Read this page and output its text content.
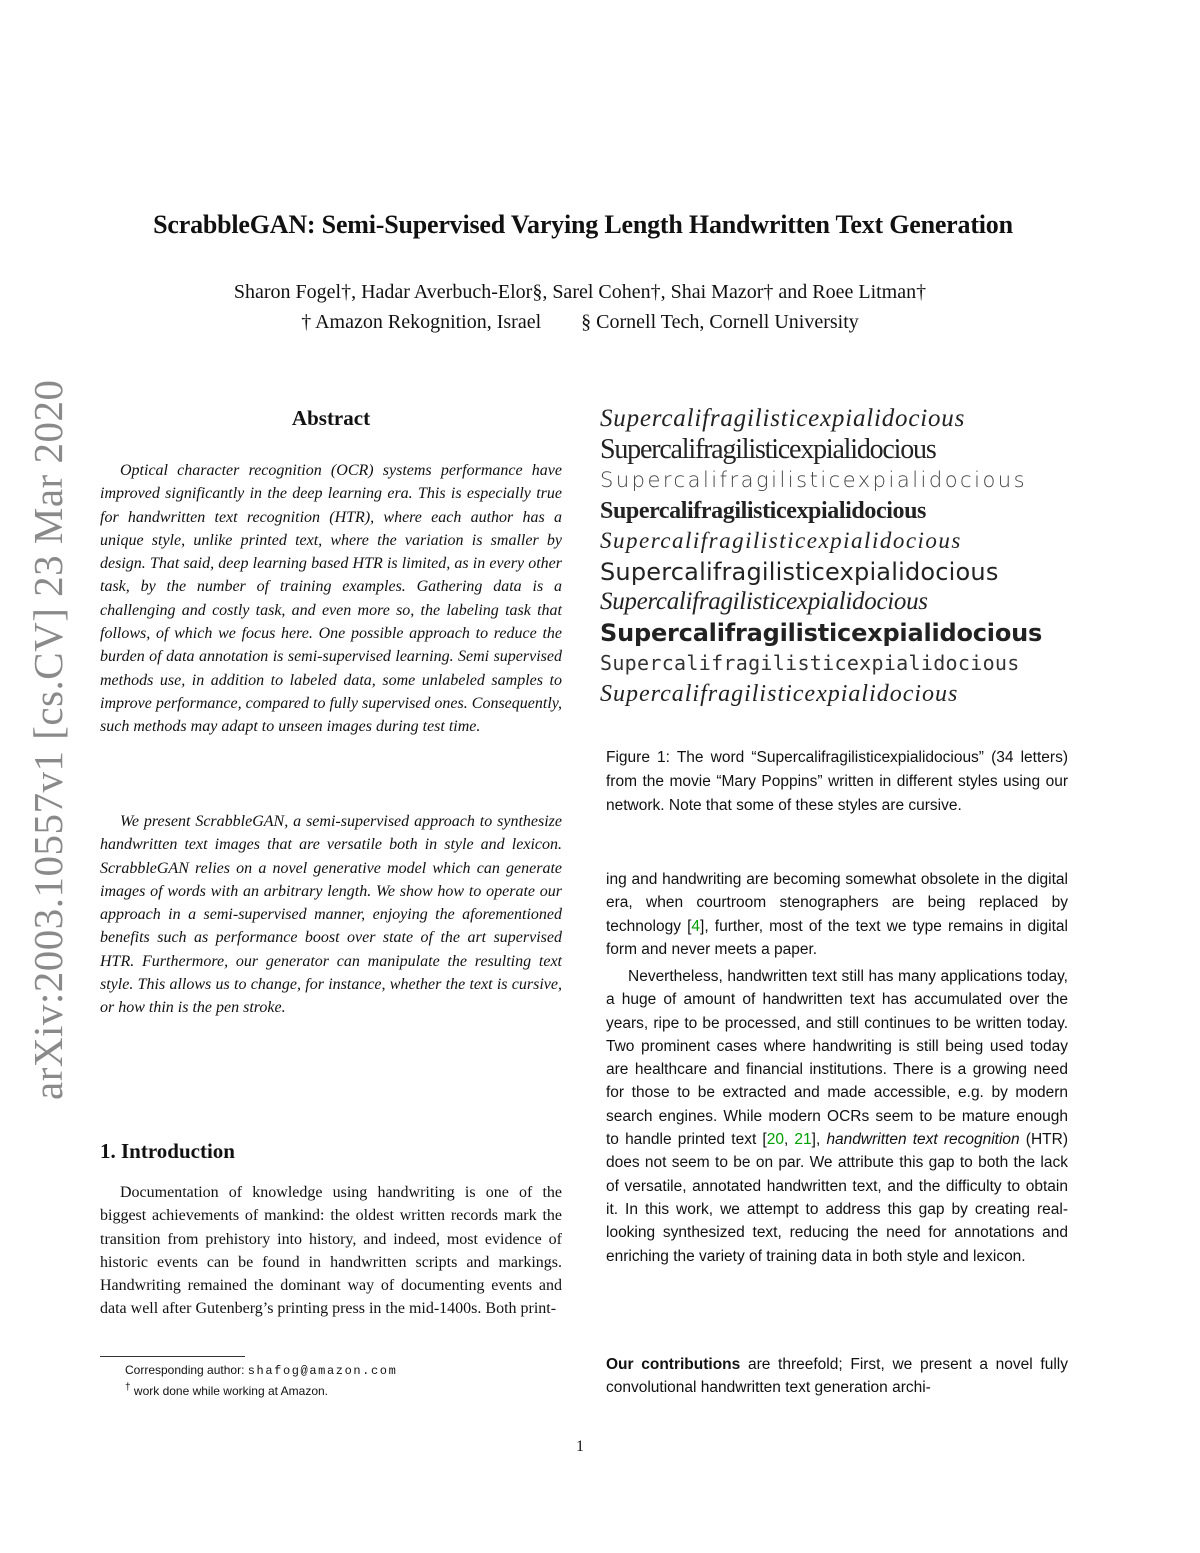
ScrabbleGAN: Semi-Supervised Varying Length Handwritten Text Generation
Sharon Fogel†, Hadar Averbuch-Elor§, Sarel Cohen†, Shai Mazor† and Roee Litman†
† Amazon Rekognition, Israel § Cornell Tech, Cornell University
arXiv:2003.10557v1 [cs.CV] 23 Mar 2020	Abstract
Optical character recognition (OCR) systems performance have improved significantly in the deep learning era. This is especially true for handwritten text recognition (HTR), where each author has a unique style, unlike printed text, where the variation is smaller by design. That said, deep learning based HTR is limited, as in every other task, by the number of training examples. Gathering data is a challenging and costly task, and even more so, the labeling task that follows, of which we focus here. One possible approach to reduce the burden of data annotation is semi-supervised learning. Semi supervised methods use, in addition to labeled data, some unlabeled samples to improve performance, compared to fully supervised ones. Consequently, such methods may adapt to unseen images during test time.
We present ScrabbleGAN, a semi-supervised approach to synthesize handwritten text images that are versatile both in style and lexicon. ScrabbleGAN relies on a novel generative model which can generate images of words with an arbitrary length. We show how to operate our approach in a semi-supervised manner, enjoying the aforementioned benefits such as performance boost over state of the art supervised HTR. Furthermore, our generator can manipulate the resulting text style. This allows us to change, for instance, whether the text is cursive, or how thin is the pen stroke.
1. Introduction
Documentation of knowledge using handwriting is one of the biggest achievements of mankind: the oldest written records mark the transition from prehistory into history, and indeed, most evidence of historic events can be found in handwritten scripts and markings. Handwriting remained the dominant way of documenting events and data well after Gutenberg’s printing press in the mid-1400s. Both print-
Corresponding author: shafog@amazon.com
† work done while working at Amazon.
Supercalifragilisticexpialidocious
Supercalifragilisticexpialidocious
Supercalifragilisticexpialidocious
Supercalifragilisticexpialidocious
Supercalifragilisticexpialidocious
Supercalifragilisticexpialidocious
Supercalifragilisticexpialidocious
Supercalifragilisticexpialidocious
Supercalifragilisticexpialidocious
Supercalifragilisticexpialidocious
Figure 1: The word “Supercalifragilisticexpialidocious” (34 letters) from the movie “Mary Poppins” written in different styles using our network. Note that some of these styles are cursive.
ing and handwriting are becoming somewhat obsolete in the digital era, when courtroom stenographers are being replaced by technology [4], further, most of the text we type remains in digital form and never meets a paper.
Nevertheless, handwritten text still has many applications today, a huge of amount of handwritten text has accumulated over the years, ripe to be processed, and still continues to be written today. Two prominent cases where handwriting is still being used today are healthcare and financial institutions. There is a growing need for those to be extracted and made accessible, e.g. by modern search engines. While modern OCRs seem to be mature enough to handle printed text [20, 21], handwritten text recognition (HTR) does not seem to be on par. We attribute this gap to both the lack of versatile, annotated handwritten text, and the difficulty to obtain it. In this work, we attempt to address this gap by creating real-looking synthesized text, reducing the need for annotations and enriching the variety of training data in both style and lexicon.
Our contributions are threefold; First, we present a novel fully convolutional handwritten text generation archi-
1
